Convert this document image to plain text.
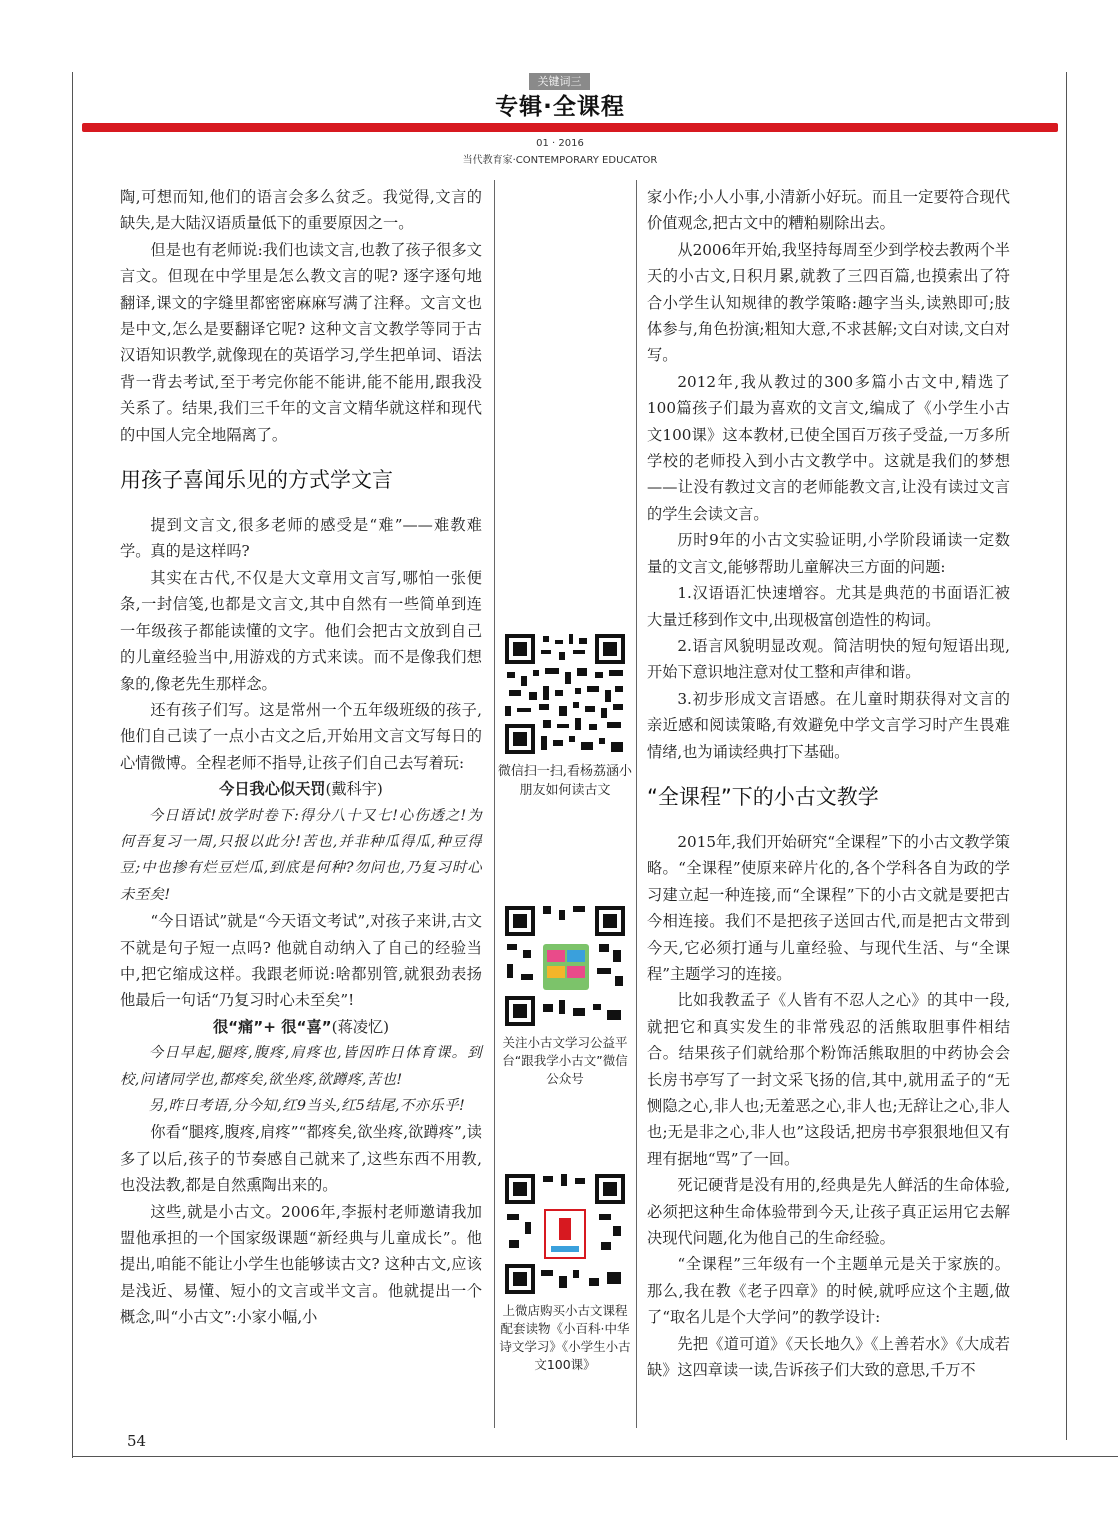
关键词三
专辑·全课程
01 · 2016
当代教育家·CONTEMPORARY EDUCATOR

陶,可想而知,他们的语言会多么贫乏。我觉得,文言的缺失,是大陆汉语质量低下的重要原因之一。

但是也有老师说:我们也读文言,也教了孩子很多文言文。但现在中学里是怎么教文言的呢? 逐字逐句地翻译,课文的字缝里都密密麻麻写满了注释。文言文也是中文,怎么是要翻译它呢? 这种文言文教学等同于古汉语知识教学,就像现在的英语学习,学生把单词、语法背一背去考试,至于考完你能不能讲,能不能用,跟我没关系了。结果,我们三千年的文言文精华就这样和现代的中国人完全地隔离了。

用孩子喜闻乐见的方式学文言

提到文言文,很多老师的感受是“难”——难教难学。真的是这样吗?

其实在古代,不仅是大文章用文言写,哪怕一张便条,一封信笺,也都是文言文,其中自然有一些简单到连一年级孩子都能读懂的文字。他们会把古文放到自己的儿童经验当中,用游戏的方式来读。而不是像我们想象的,像老先生那样念。

还有孩子们写。这是常州一个五年级班级的孩子,他们自己读了一点小古文之后,开始用文言文写每日的心情微博。全程老师不指导,让孩子们自己去写着玩:

今日我心似天罚(戴科宇)

今日语试!放学时卷下:得分八十又七!心伤透之!为何吾复习一周,只报以此分!苦也,并非种瓜得瓜,种豆得豆;中也掺有烂豆烂瓜,到底是何种?勿问也,乃复习时心未至矣!

“今日语试”就是“今天语文考试”,对孩子来讲,古文不就是句子短一点吗? 他就自动纳入了自己的经验当中,把它缩成这样。我跟老师说:啥都别管,就狠劲表扬他最后一句话“乃复习时心未至矣”!

很“痛”+ 很“喜”(蒋凌忆)

今日早起,腿疼,腹疼,肩疼也,皆因昨日体育课。到校,问诸同学也,都疼矣,欲坐疼,欲蹲疼,苦也!

另,昨日考语,分今知,红9当头,红5结尾,不亦乐乎!

你看“腿疼,腹疼,肩疼”“都疼矣,欲坐疼,欲蹲疼”,读多了以后,孩子的节奏感自己就来了,这些东西不用教,也没法教,都是自然熏陶出来的。

这些,就是小古文。2006年,李振村老师邀请我加盟他承担的一个国家级课题“新经典与儿童成长”。他提出,咱能不能让小学生也能够读古文? 这种古文,应该是浅近、易懂、短小的文言或半文言。他就提出一个概念,叫“小古文”:小家小幅,小

家小作;小人小事,小清新小好玩。而且一定要符合现代价值观念,把古文中的糟粕剔除出去。

从2006年开始,我坚持每周至少到学校去教两个半天的小古文,日积月累,就教了三四百篇,也摸索出了符合小学生认知规律的教学策略:趣字当头,读熟即可;肢体参与,角色扮演;粗知大意,不求甚解;文白对读,文白对写。

2012年,我从教过的300多篇小古文中,精选了100篇孩子们最为喜欢的文言文,编成了《小学生小古文100课》这本教材,已使全国百万孩子受益,一万多所学校的老师投入到小古文教学中。这就是我们的梦想——让没有教过文言的老师能教文言,让没有读过文言的学生会读文言。

历时9年的小古文实验证明,小学阶段诵读一定数量的文言文,能够帮助儿童解决三方面的问题:

1.汉语语汇快速增容。尤其是典范的书面语汇被大量迁移到作文中,出现极富创造性的构词。

2.语言风貌明显改观。简洁明快的短句短语出现,开始下意识地注意对仗工整和声律和谐。

3.初步形成文言语感。在儿童时期获得对文言的亲近感和阅读策略,有效避免中学文言学习时产生畏难情绪,也为诵读经典打下基础。

“全课程”下的小古文教学

2015年,我们开始研究“全课程”下的小古文教学策略。“全课程”使原来碎片化的,各个学科各自为政的学习建立起一种连接,而“全课程”下的小古文就是要把古今相连接。我们不是把孩子送回古代,而是把古文带到今天,它必须打通与儿童经验、与现代生活、与“全课程”主题学习的连接。

比如我教孟子《人皆有不忍人之心》的其中一段,就把它和真实发生的非常残忍的活熊取胆事件相结合。结果孩子们就给那个粉饰活熊取胆的中药协会会长房书亭写了一封文采飞扬的信,其中,就用孟子的“无恻隐之心,非人也;无羞恶之心,非人也;无辞让之心,非人也;无是非之心,非人也”这段话,把房书亭狠狠地但又有理有据地“骂”了一回。

死记硬背是没有用的,经典是先人鲜活的生命体验,必须把这种生命体验带到今天,让孩子真正运用它去解决现代问题,化为他自己的生命经验。

“全课程”三年级有一个主题单元是关于家族的。那么,我在教《老子四章》的时候,就呼应这个主题,做了“取名儿是个大学问”的教学设计:

先把《道可道》《天长地久》《上善若水》《大成若缺》这四章读一读,告诉孩子们大致的意思,千万不

微信扫一扫,看杨荔涵小朋友如何读古文
关注小古文学习公益平台“跟我学小古文”微信公众号
上微店购买小古文课程配套读物《小百科·中华诗文学习》《小学生小古文100课》
54
